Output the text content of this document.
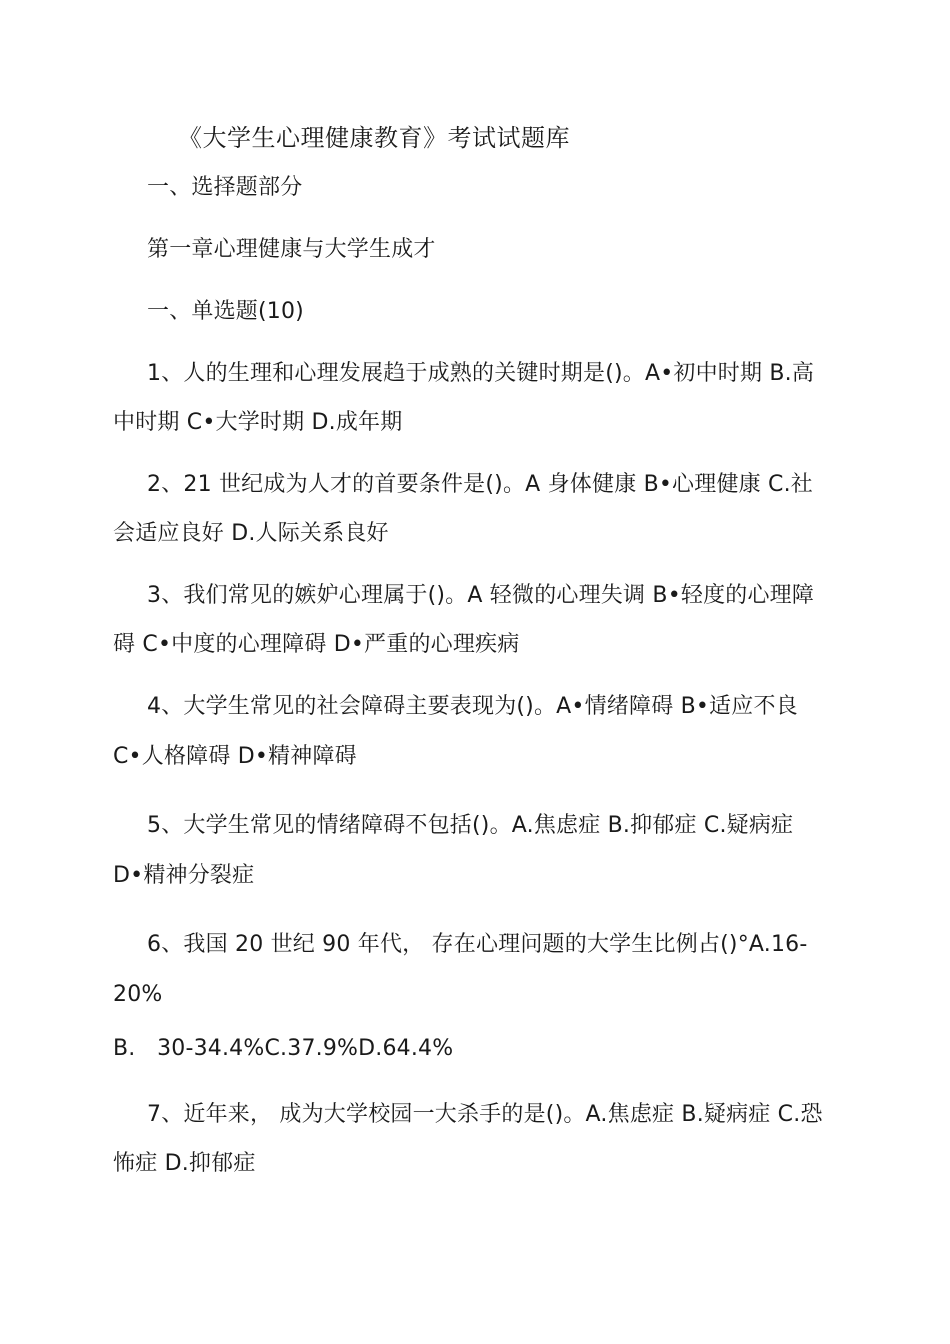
《大学生心理健康教育》考试试题库
一、选择题部分
第一章心理健康与大学生成才
一、单选题(10)
1、人的生理和心理发展趋于成熟的关键时期是()。A•初中时期 B.高
中时期 C•大学时期 D.成年期
2、21 世纪成为人才的首要条件是()。A 身体健康 B•心理健康 C.社
会适应良好 D.人际关系良好
3、我们常见的嫉妒心理属于()。A 轻微的心理失调 B•轻度的心理障
碍 C•中度的心理障碍 D•严重的心理疾病
4、大学生常见的社会障碍主要表现为()。A•情绪障碍 B•适应不良
C•人格障碍 D•精神障碍
5、大学生常见的情绪障碍不包括()。A.焦虑症 B.抑郁症 C.疑病症
D•精神分裂症
6、我国 20 世纪 90 年代， 存在心理问题的大学生比例占()°A.16-
20%
B.   30-34.4%C.37.9%D.64.4%
7、近年来， 成为大学校园一大杀手的是()。A.焦虑症 B.疑病症 C.恐
怖症 D.抑郁症
